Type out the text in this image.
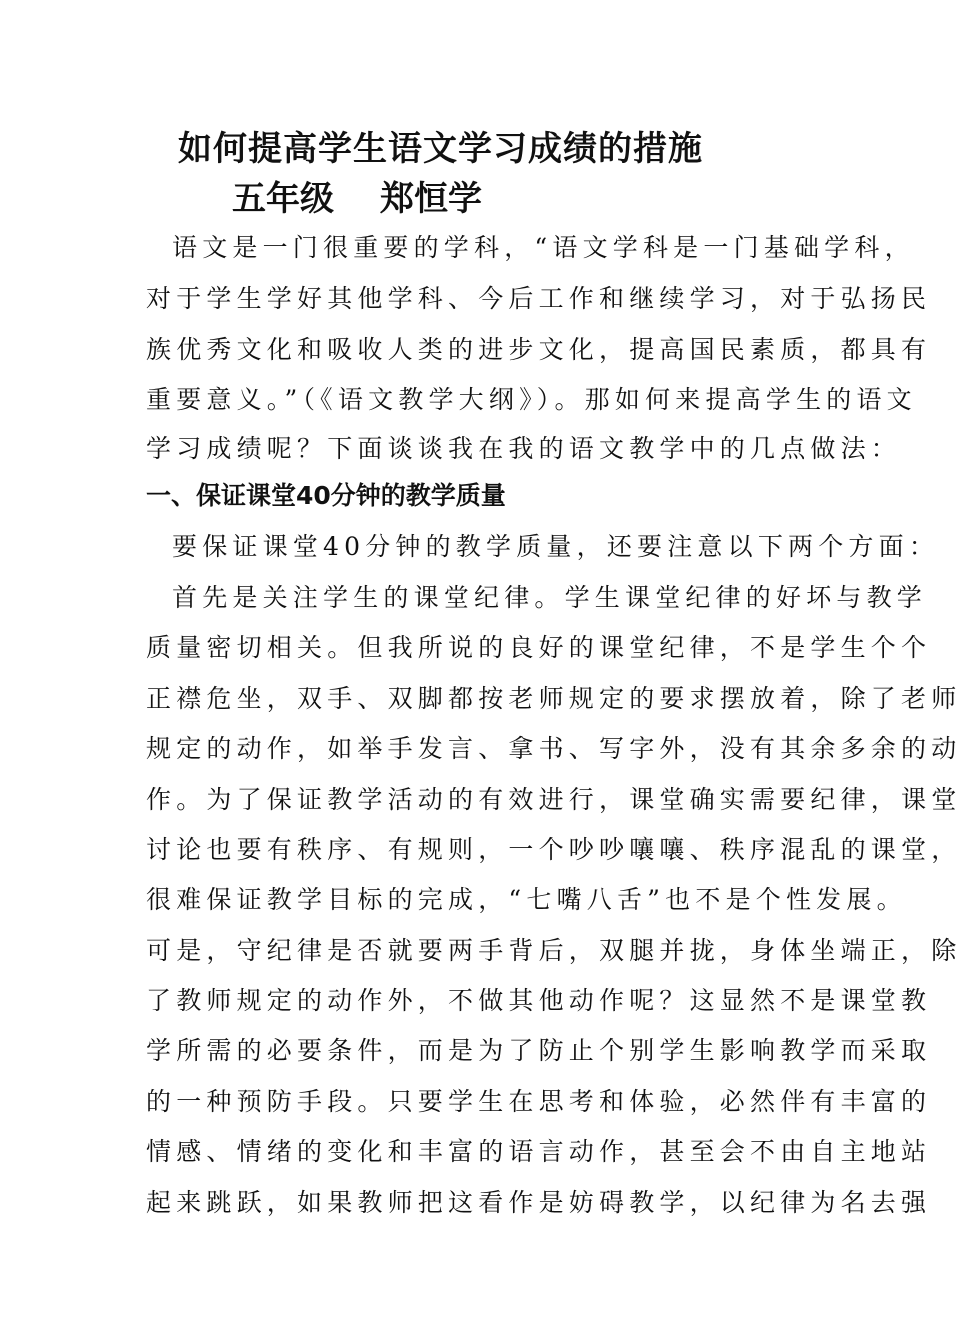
如何提高学生语文学习成绩的措施
五年级 郑恒学
语文是一门很重要的学科，“语文学科是一门基础学科，
对于学生学好其他学科、今后工作和继续学习，对于弘扬民
族优秀文化和吸收人类的进步文化，提高国民素质，都具有
重要意义。”（《语文教学大纲》）。那如何来提高学生的语文
学习成绩呢？下面谈谈我在我的语文教学中的几点做法：
一、保证课堂40分钟的教学质量
要保证课堂40分钟的教学质量，还要注意以下两个方面：
首先是关注学生的课堂纪律。学生课堂纪律的好坏与教学
质量密切相关。但我所说的良好的课堂纪律，不是学生个个
正襟危坐，双手、双脚都按老师规定的要求摆放着，除了老师
规定的动作，如举手发言、拿书、写字外，没有其余多余的动
作。为了保证教学活动的有效进行，课堂确实需要纪律，课堂
讨论也要有秩序、有规则，一个吵吵嚷嚷、秩序混乱的课堂，
很难保证教学目标的完成，“七嘴八舌”也不是个性发展。
可是，守纪律是否就要两手背后，双腿并拢，身体坐端正，除
了教师规定的动作外，不做其他动作呢？这显然不是课堂教
学所需的必要条件，而是为了防止个别学生影响教学而采取
的一种预防手段。只要学生在思考和体验，必然伴有丰富的
情感、情绪的变化和丰富的语言动作，甚至会不由自主地站
起来跳跃，如果教师把这看作是妨碍教学，以纪律为名去强
